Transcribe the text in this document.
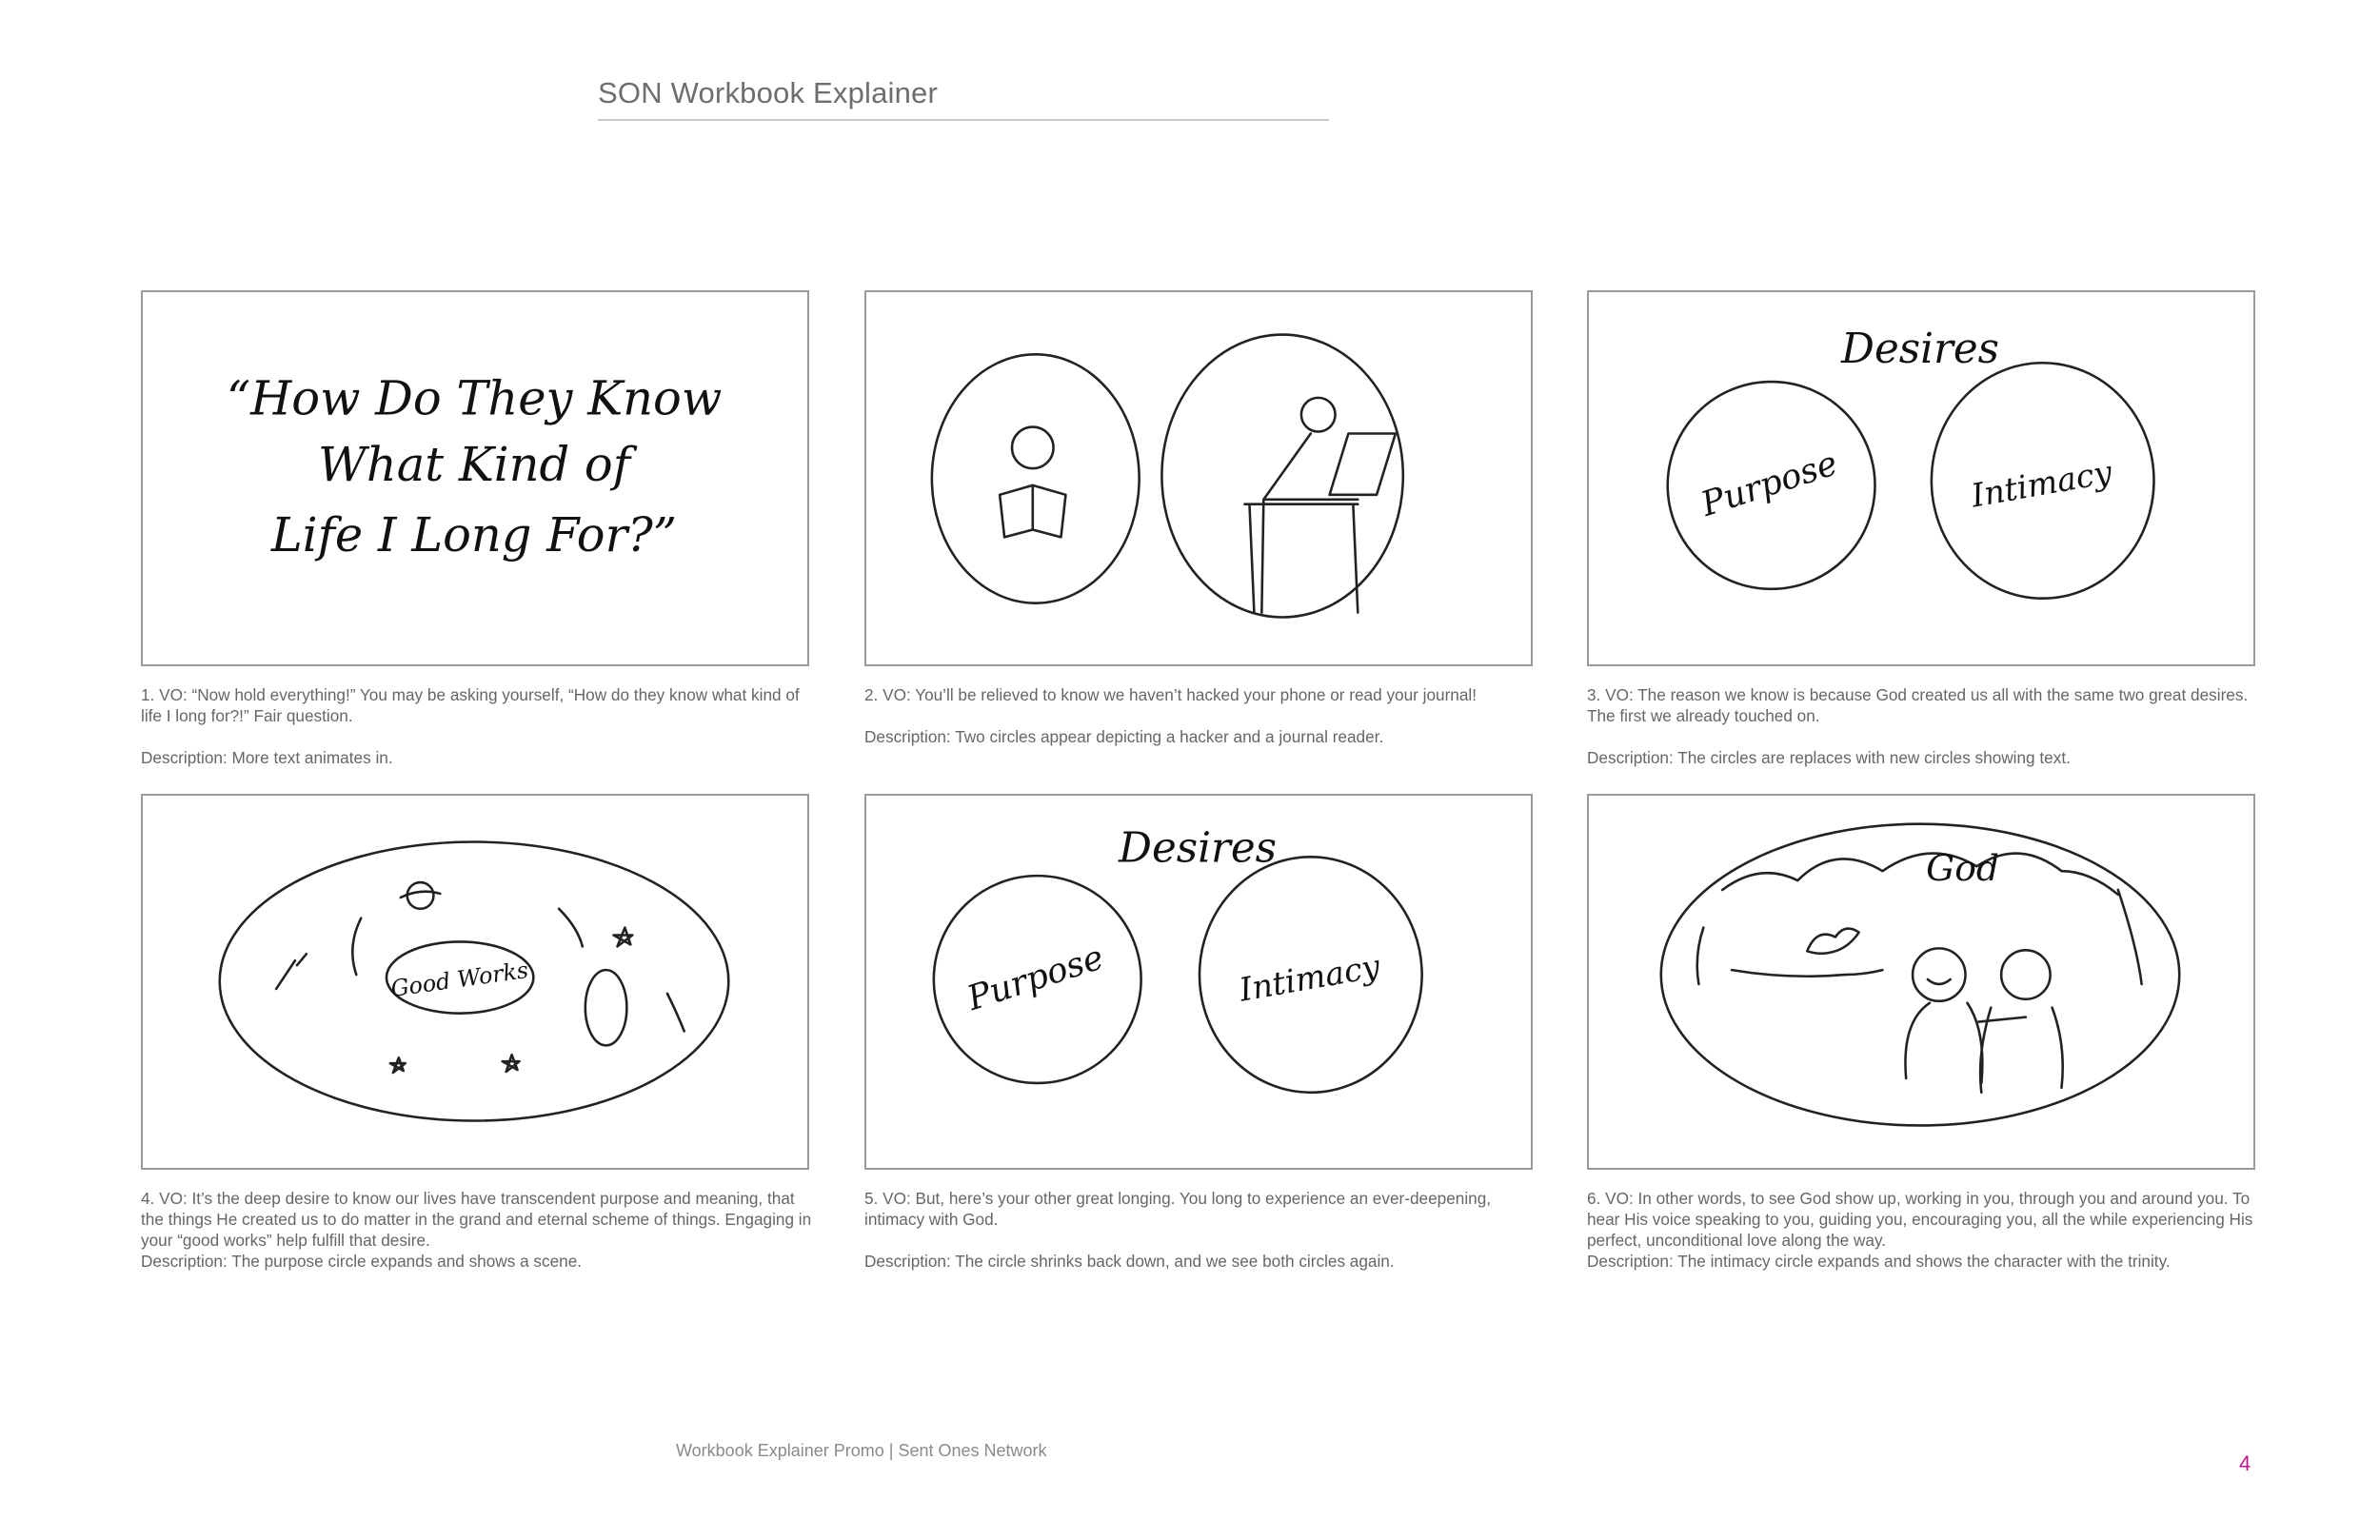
SON Workbook Explainer
“How Do They Know
What Kind of
Life I Long For?”

1. VO: “Now hold everything!” You may be asking yourself, “How do they know what kind of life I long for?!” Fair question.

Description: More text animates in.

2. VO: You’ll be relieved to know we haven’t hacked your phone or read your journal!

Description: Two circles appear depicting a hacker and a journal reader.

Desires
Purpose	Intimacy

3. VO: The reason we know is because God created us all with the same two great desires. The first we already touched on.

Description: The circles are replaces with new circles showing text.

Good Works

4. VO: It’s the deep desire to know our lives have transcendent purpose and meaning, that the things He created us to do matter in the grand and eternal scheme of things. Engaging in your “good works” help fulfill that desire.

Description: The purpose circle expands and shows a scene.

Desires
Purpose	Intimacy

5. VO: But, here’s your other great longing. You long to experience an ever-deepening, intimacy with God.

Description: The circle shrinks back down, and we see both circles again.

God

6. VO: In other words, to see God show up, working in you, through you and around you. To hear His voice speaking to you, guiding you, encouraging you, all the while experiencing His perfect, unconditional love along the way.

Description: The intimacy circle expands and shows the character with the trinity.

Workbook Explainer Promo | Sent Ones Network
4
